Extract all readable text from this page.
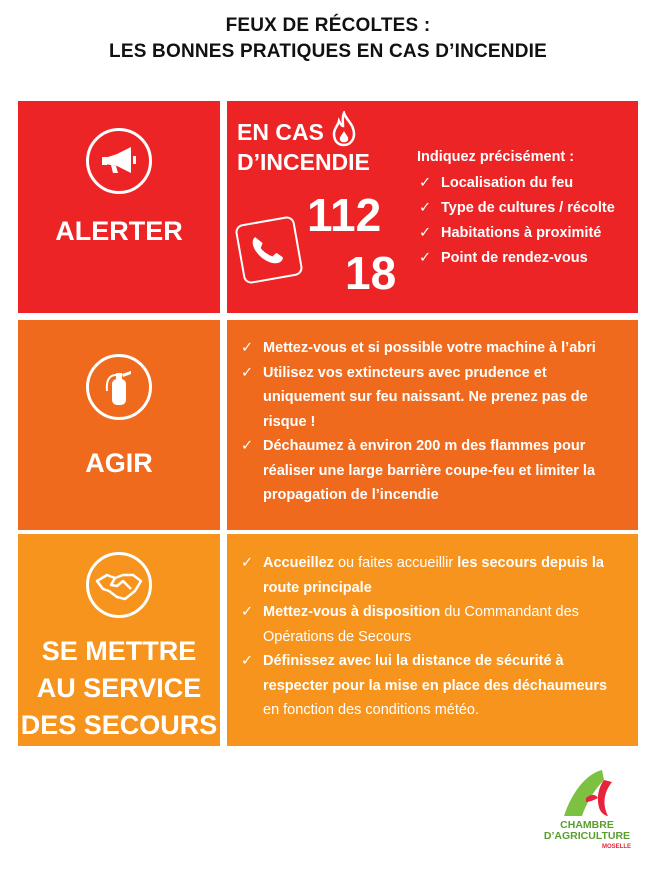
FEUX DE RÉCOLTES :
LES BONNES PRATIQUES EN CAS D’INCENDIE
ALERTER
EN CAS
D’INCENDIE
112
18
Indiquez précisément :
✓ Localisation du feu
✓ Type de cultures / récolte
✓ Habitations à proximité
✓ Point de rendez-vous
AGIR
✓ Mettez-vous et si possible votre machine à l’abri
✓ Utilisez vos extincteurs avec prudence et uniquement sur feu naissant. Ne prenez pas de risque !
✓ Déchaumez à environ 200 m des flammes pour réaliser une large barrière coupe-feu et limiter la propagation de l’incendie
SE METTRE
AU SERVICE
DES SECOURS
✓ Accueillez ou faites accueillir les secours depuis la route principale
✓ Mettez-vous à disposition du Commandant des Opérations de Secours
✓ Définissez avec lui la distance de sécurité à respecter pour la mise en place des déchaumeurs en fonction des conditions météo.
CHAMBRE
D’AGRICULTURE
MOSELLE
